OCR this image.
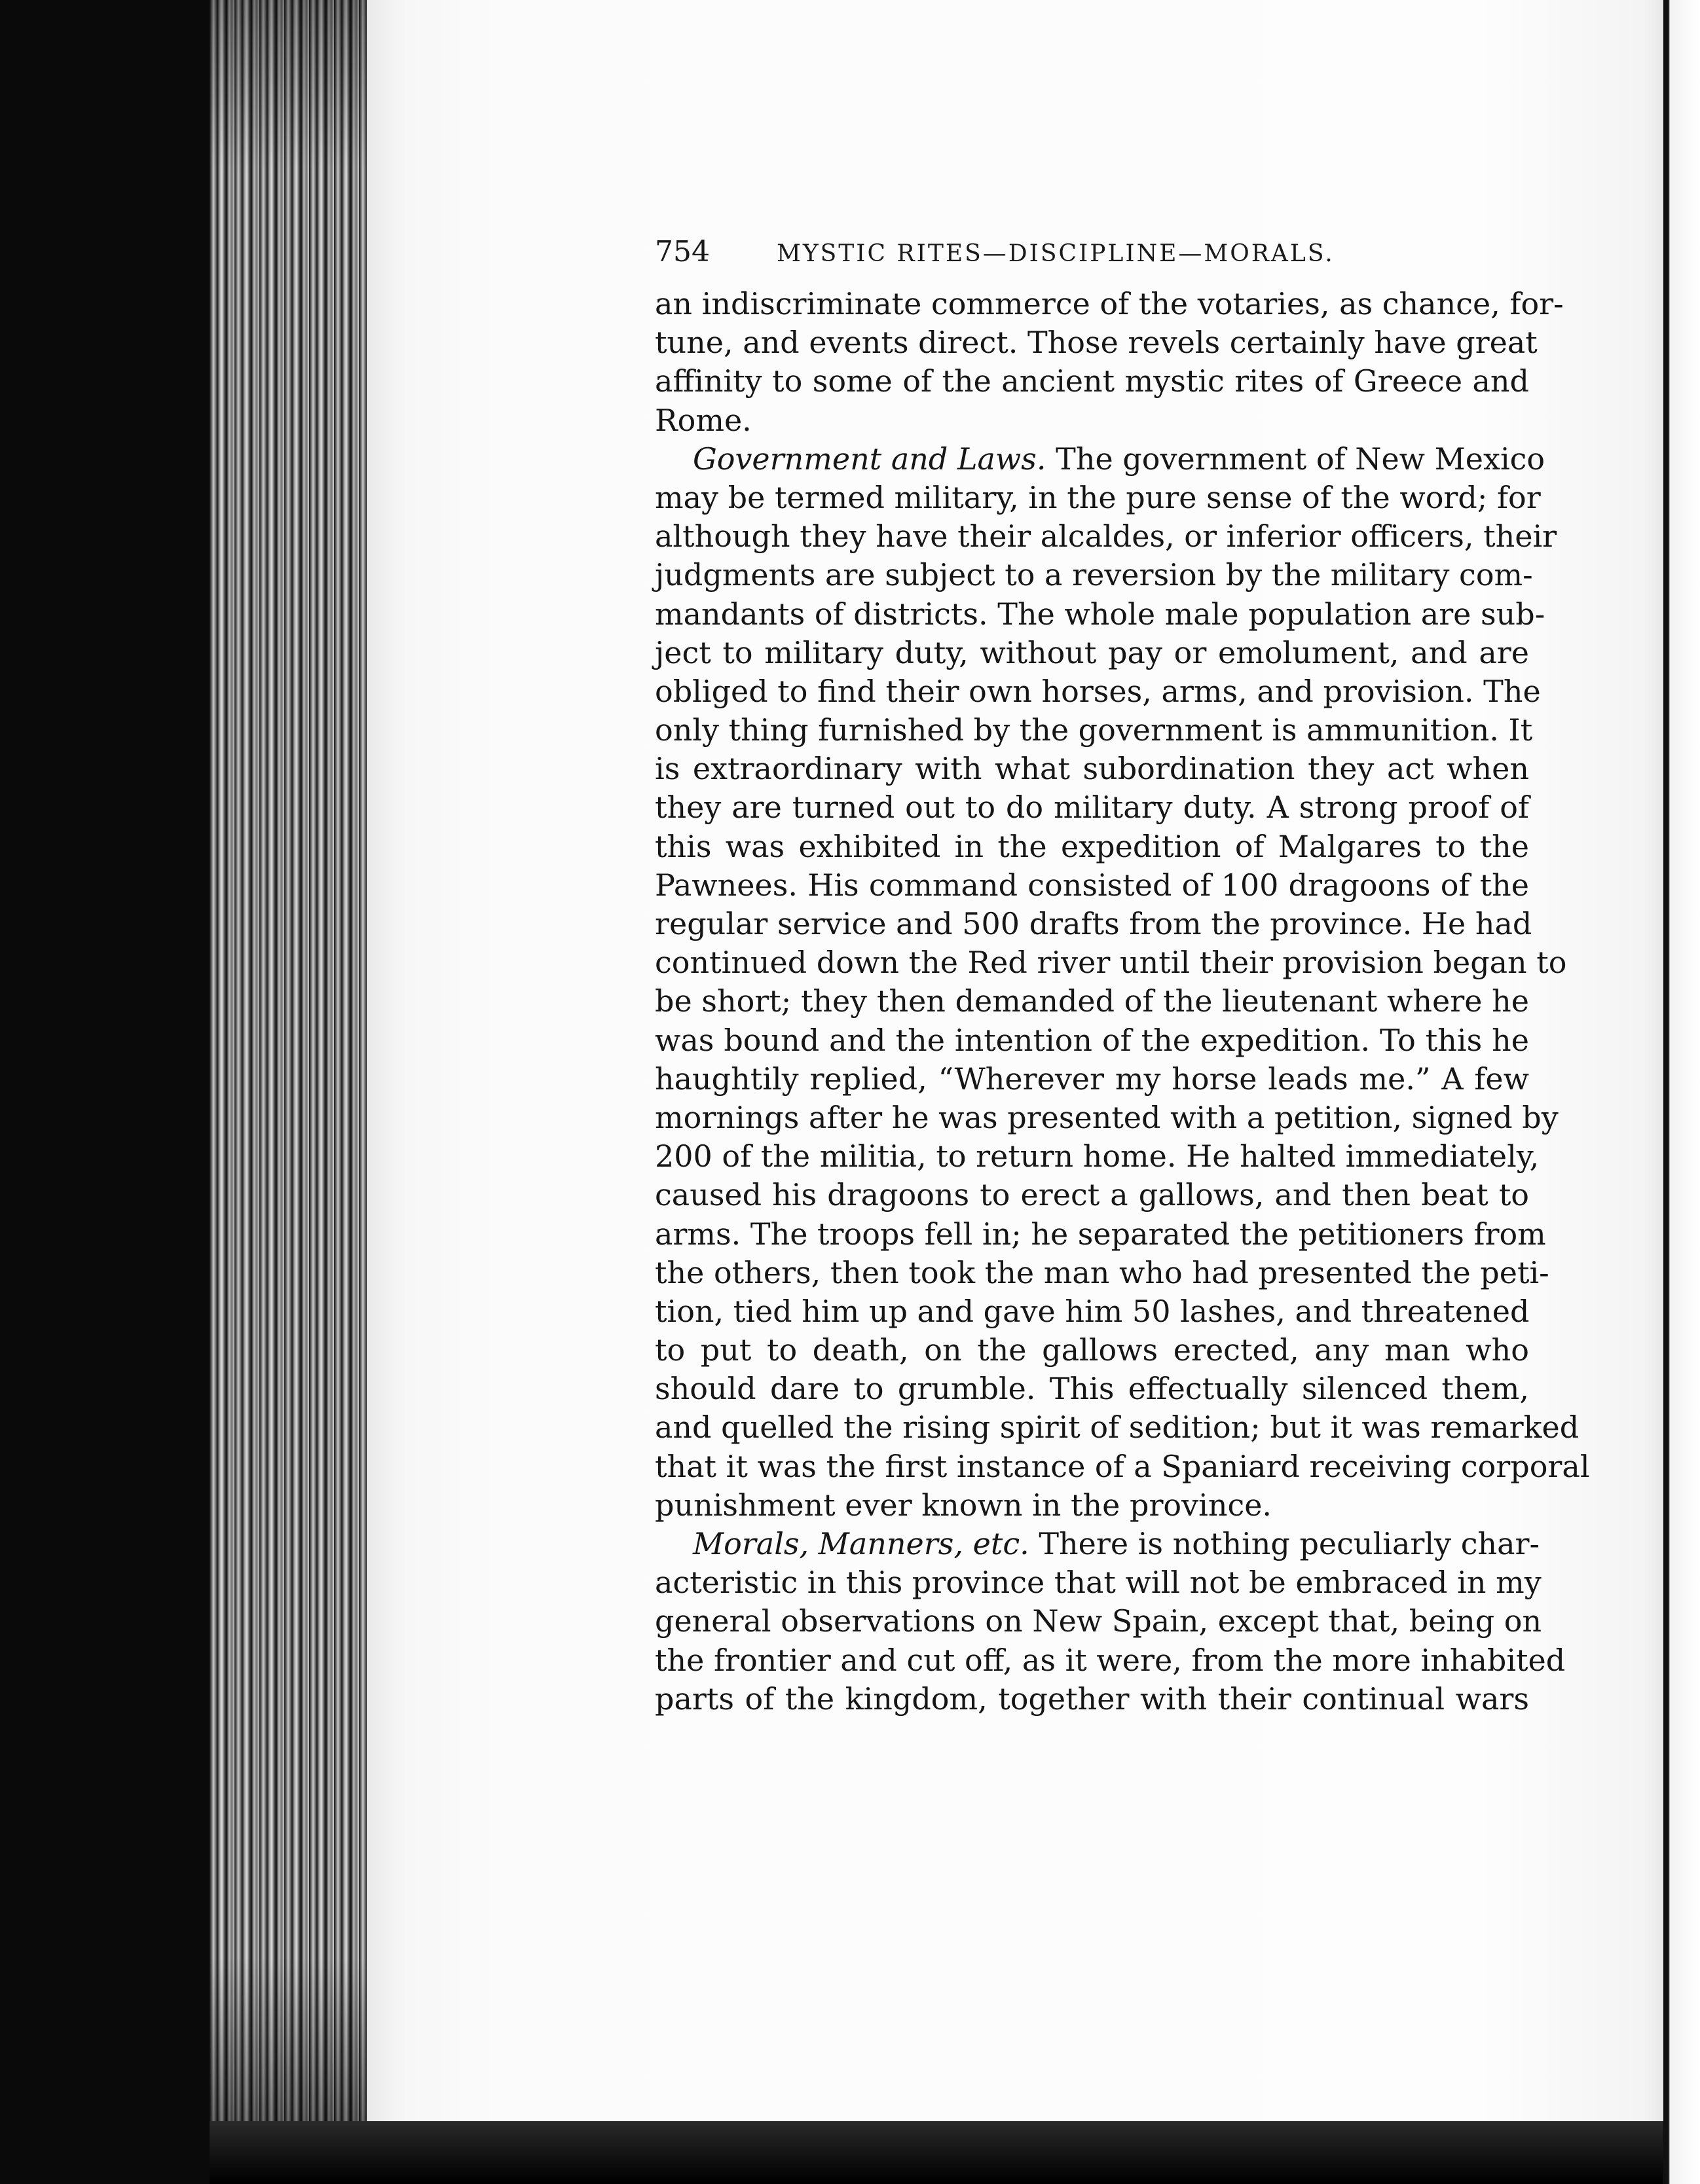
754	MYSTIC RITES—DISCIPLINE—MORALS.
an indiscriminate commerce of the votaries, as chance, for-
tune, and events direct. Those revels certainly have great
affinity to some of the ancient mystic rites of Greece and
Rome.
Government and Laws. The government of New Mexico
may be termed military, in the pure sense of the word; for
although they have their alcaldes, or inferior officers, their
judgments are subject to a reversion by the military com-
mandants of districts. The whole male population are sub-
ject to military duty, without pay or emolument, and are
obliged to find their own horses, arms, and provision. The
only thing furnished by the government is ammunition. It
is extraordinary with what subordination they act when
they are turned out to do military duty. A strong proof of
this was exhibited in the expedition of Malgares to the
Pawnees. His command consisted of 100 dragoons of the
regular service and 500 drafts from the province. He had
continued down the Red river until their provision began to
be short; they then demanded of the lieutenant where he
was bound and the intention of the expedition. To this he
haughtily replied, “Wherever my horse leads me.” A few
mornings after he was presented with a petition, signed by
200 of the militia, to return home. He halted immediately,
caused his dragoons to erect a gallows, and then beat to
arms. The troops fell in; he separated the petitioners from
the others, then took the man who had presented the peti-
tion, tied him up and gave him 50 lashes, and threatened
to put to death, on the gallows erected, any man who
should dare to grumble. This effectually silenced them,
and quelled the rising spirit of sedition; but it was remarked
that it was the first instance of a Spaniard receiving corporal
punishment ever known in the province.
Morals, Manners, etc. There is nothing peculiarly char-
acteristic in this province that will not be embraced in my
general observations on New Spain, except that, being on
the frontier and cut off, as it were, from the more inhabited
parts of the kingdom, together with their continual wars
